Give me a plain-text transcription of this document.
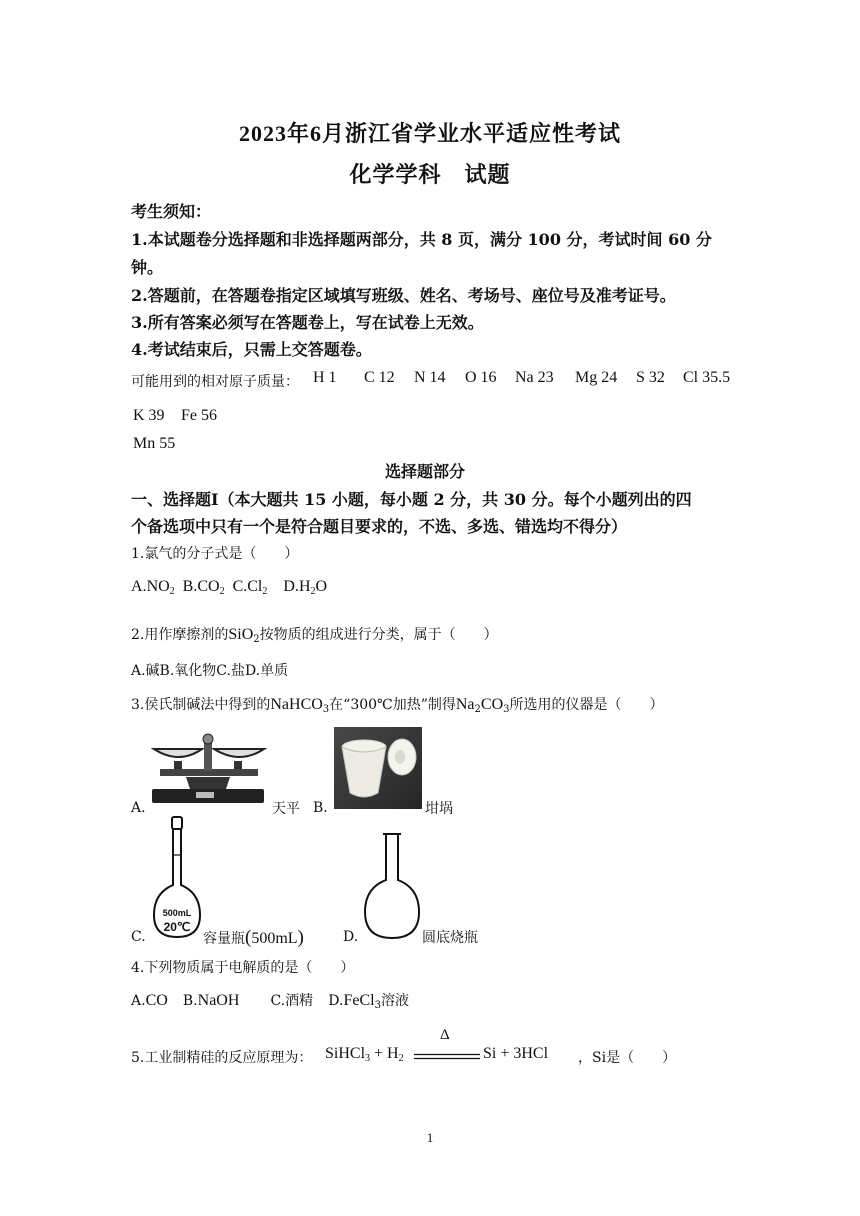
2023年6月浙江省学业水平适应性考试
化学学科　试题
考生须知：
1.本试题卷分选择题和非选择题两部分，共 8 页，满分 100 分，考试时间 60 分
钟。
2.答题前，在答题卷指定区域填写班级、姓名、考场号、座位号及准考证号。
3.所有答案必须写在答题卷上，写在试卷上无效。
4.考试结束后，只需上交答题卷。
可能用到的相对原子质量： H 1 C 12 N 14 O 16 Na 23 Mg 24 S 32 Cl 35.5
K 39 Fe 56
Mn 55
选择题部分
一、选择题Ⅰ（本大题共 15 小题，每小题 2 分，共 30 分。每个小题列出的四
个备选项中只有一个是符合题目要求的，不选、多选、错选均不得分）
1.氯气的分子式是（　　）
$A.NO_2$ $B.CO_2$ $C.Cl_2$ $D.H_2O$
2.用作摩擦剂的SiO$_2$按物质的组成进行分类，属于（　　）
A.碱B.氧化物C.盐D.单质
3.侯氏制碱法中得到的NaHCO$_3$在“300℃加热”制得$Na_2CO_3$所选用的仪器是（　　）
A.	天平 B.	坩埚
C.
500mL
20℃
容量瓶(500mL)	D.	圆底烧瓶
4.下列物质属于电解质的是（　　）
A.CO B.NaOH C.酒精 D.FeCl$_3$溶液
5.工业制精硅的反应原理为： SiHCl$_3$ + $H_2$
Δ
Si + 3HCl ，Si是（　　）
1
